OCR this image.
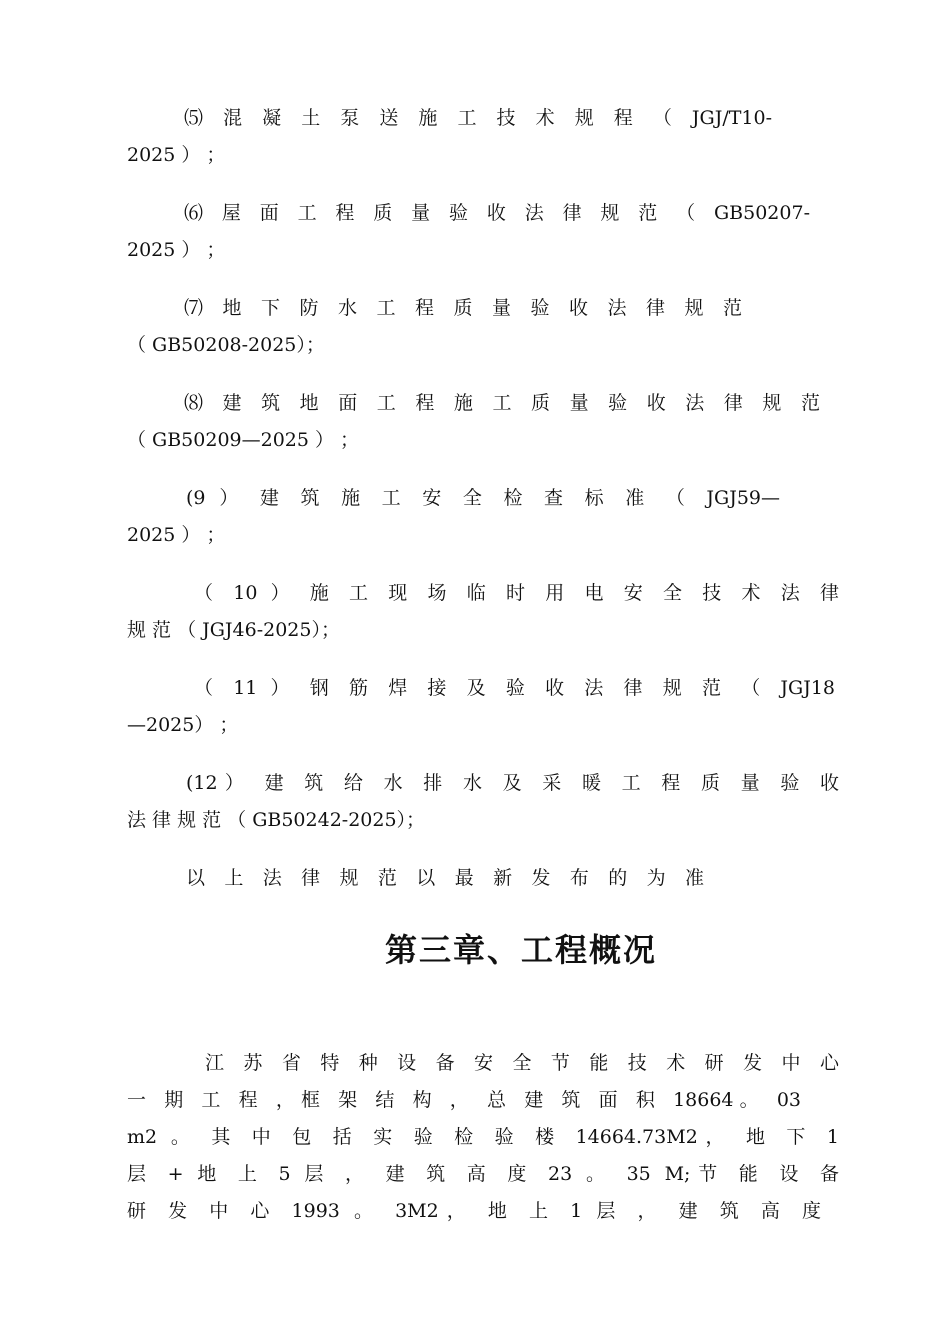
⑸ 混 凝 土 泵 送 施 工 技 术 规 程 （ JGJ/T10-
2025 ） ；
⑹ 屋 面 工 程 质 量 验 收 法 律 规 范 （ GB50207-
2025 ） ；
⑺ 地 下 防 水 工 程 质 量 验 收 法 律 规 范
（ GB50208-2025）；
⑻ 建 筑 地 面 工 程 施 工 质 量 验 收 法 律 规 范
（ GB50209—2025 ） ；
(9 ） 建 筑 施 工 安 全 检 查 标 准 （ JGJ59—
2025 ） ；
（ 10 ） 施 工 现 场 临 时 用 电 安 全 技 术 法 律
规 范 （ JGJ46-2025）；
（ 11 ） 钢 筋 焊 接 及 验 收 法 律 规 范 （ JGJ18
—2025） ；
(12） 建 筑 给 水 排 水 及 采 暖 工 程 质 量 验 收
法 律 规 范 （ GB50242-2025）；
以 上 法 律 规 范 以 最 新 发 布 的 为 准
第三章、工程概况
江 苏 省 特 种 设 备 安 全 节 能 技 术 研 发 中 心
一 期 工 程 ，框 架 结 构 ， 总 建 筑 面 积 18664。 03
m2 。 其 中 包 括 实 验 检 验 楼 14664.73M2， 地 下 1
层 + 地 上 5 层 ， 建 筑 高 度 23 。 35 M;节 能 设 备
研 发 中 心 1993 。 3M2， 地 上 1 层 ， 建 筑 高 度
